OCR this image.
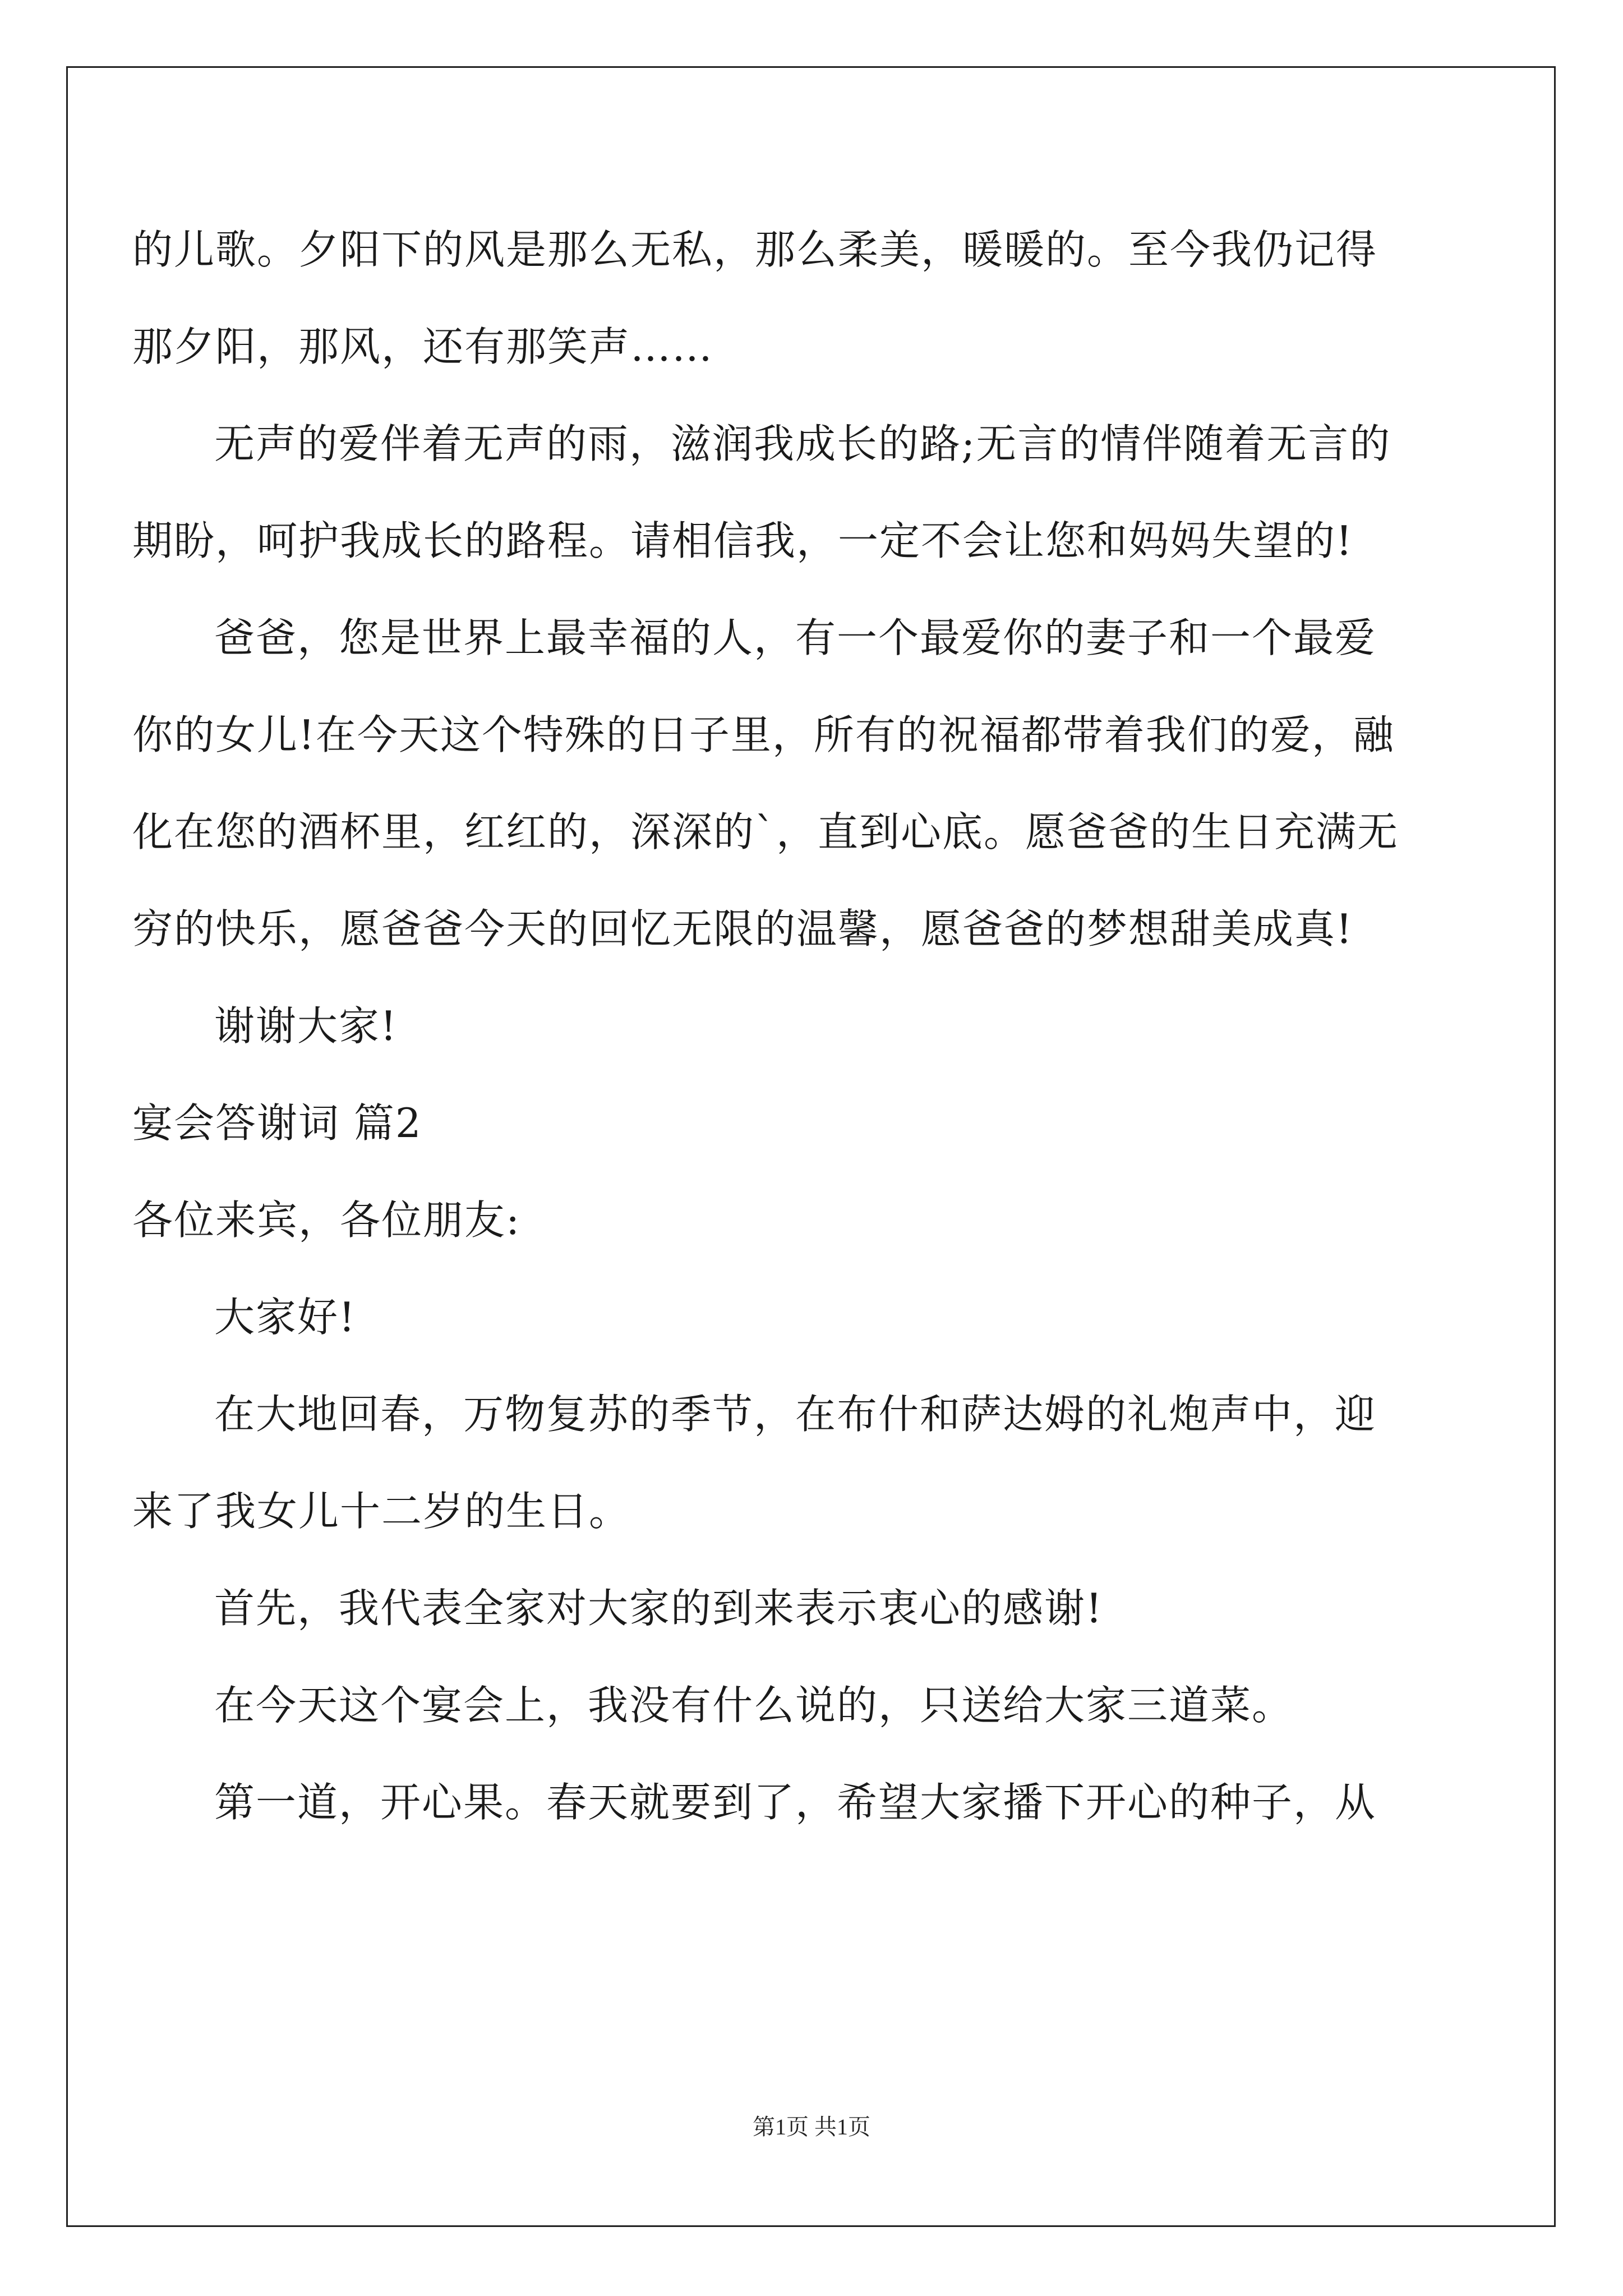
的儿歌。夕阳下的风是那么无私，那么柔美，暖暖的。至今我仍记得
那夕阳，那风，还有那笑声……
无声的爱伴着无声的雨，滋润我成长的路;无言的情伴随着无言的
期盼，呵护我成长的路程。请相信我，一定不会让您和妈妈失望的!
爸爸，您是世界上最幸福的人，有一个最爱你的妻子和一个最爱
你的女儿!在今天这个特殊的日子里，所有的祝福都带着我们的爱，融
化在您的酒杯里，红红的，深深的`，直到心底。愿爸爸的生日充满无
穷的快乐，愿爸爸今天的回忆无限的温馨，愿爸爸的梦想甜美成真!
谢谢大家!
宴会答谢词 篇2
各位来宾，各位朋友:
大家好!
在大地回春，万物复苏的季节，在布什和萨达姆的礼炮声中，迎
来了我女儿十二岁的生日。
首先，我代表全家对大家的到来表示衷心的感谢!
在今天这个宴会上，我没有什么说的，只送给大家三道菜。
第一道，开心果。春天就要到了，希望大家播下开心的种子，从
第1页 共1页
